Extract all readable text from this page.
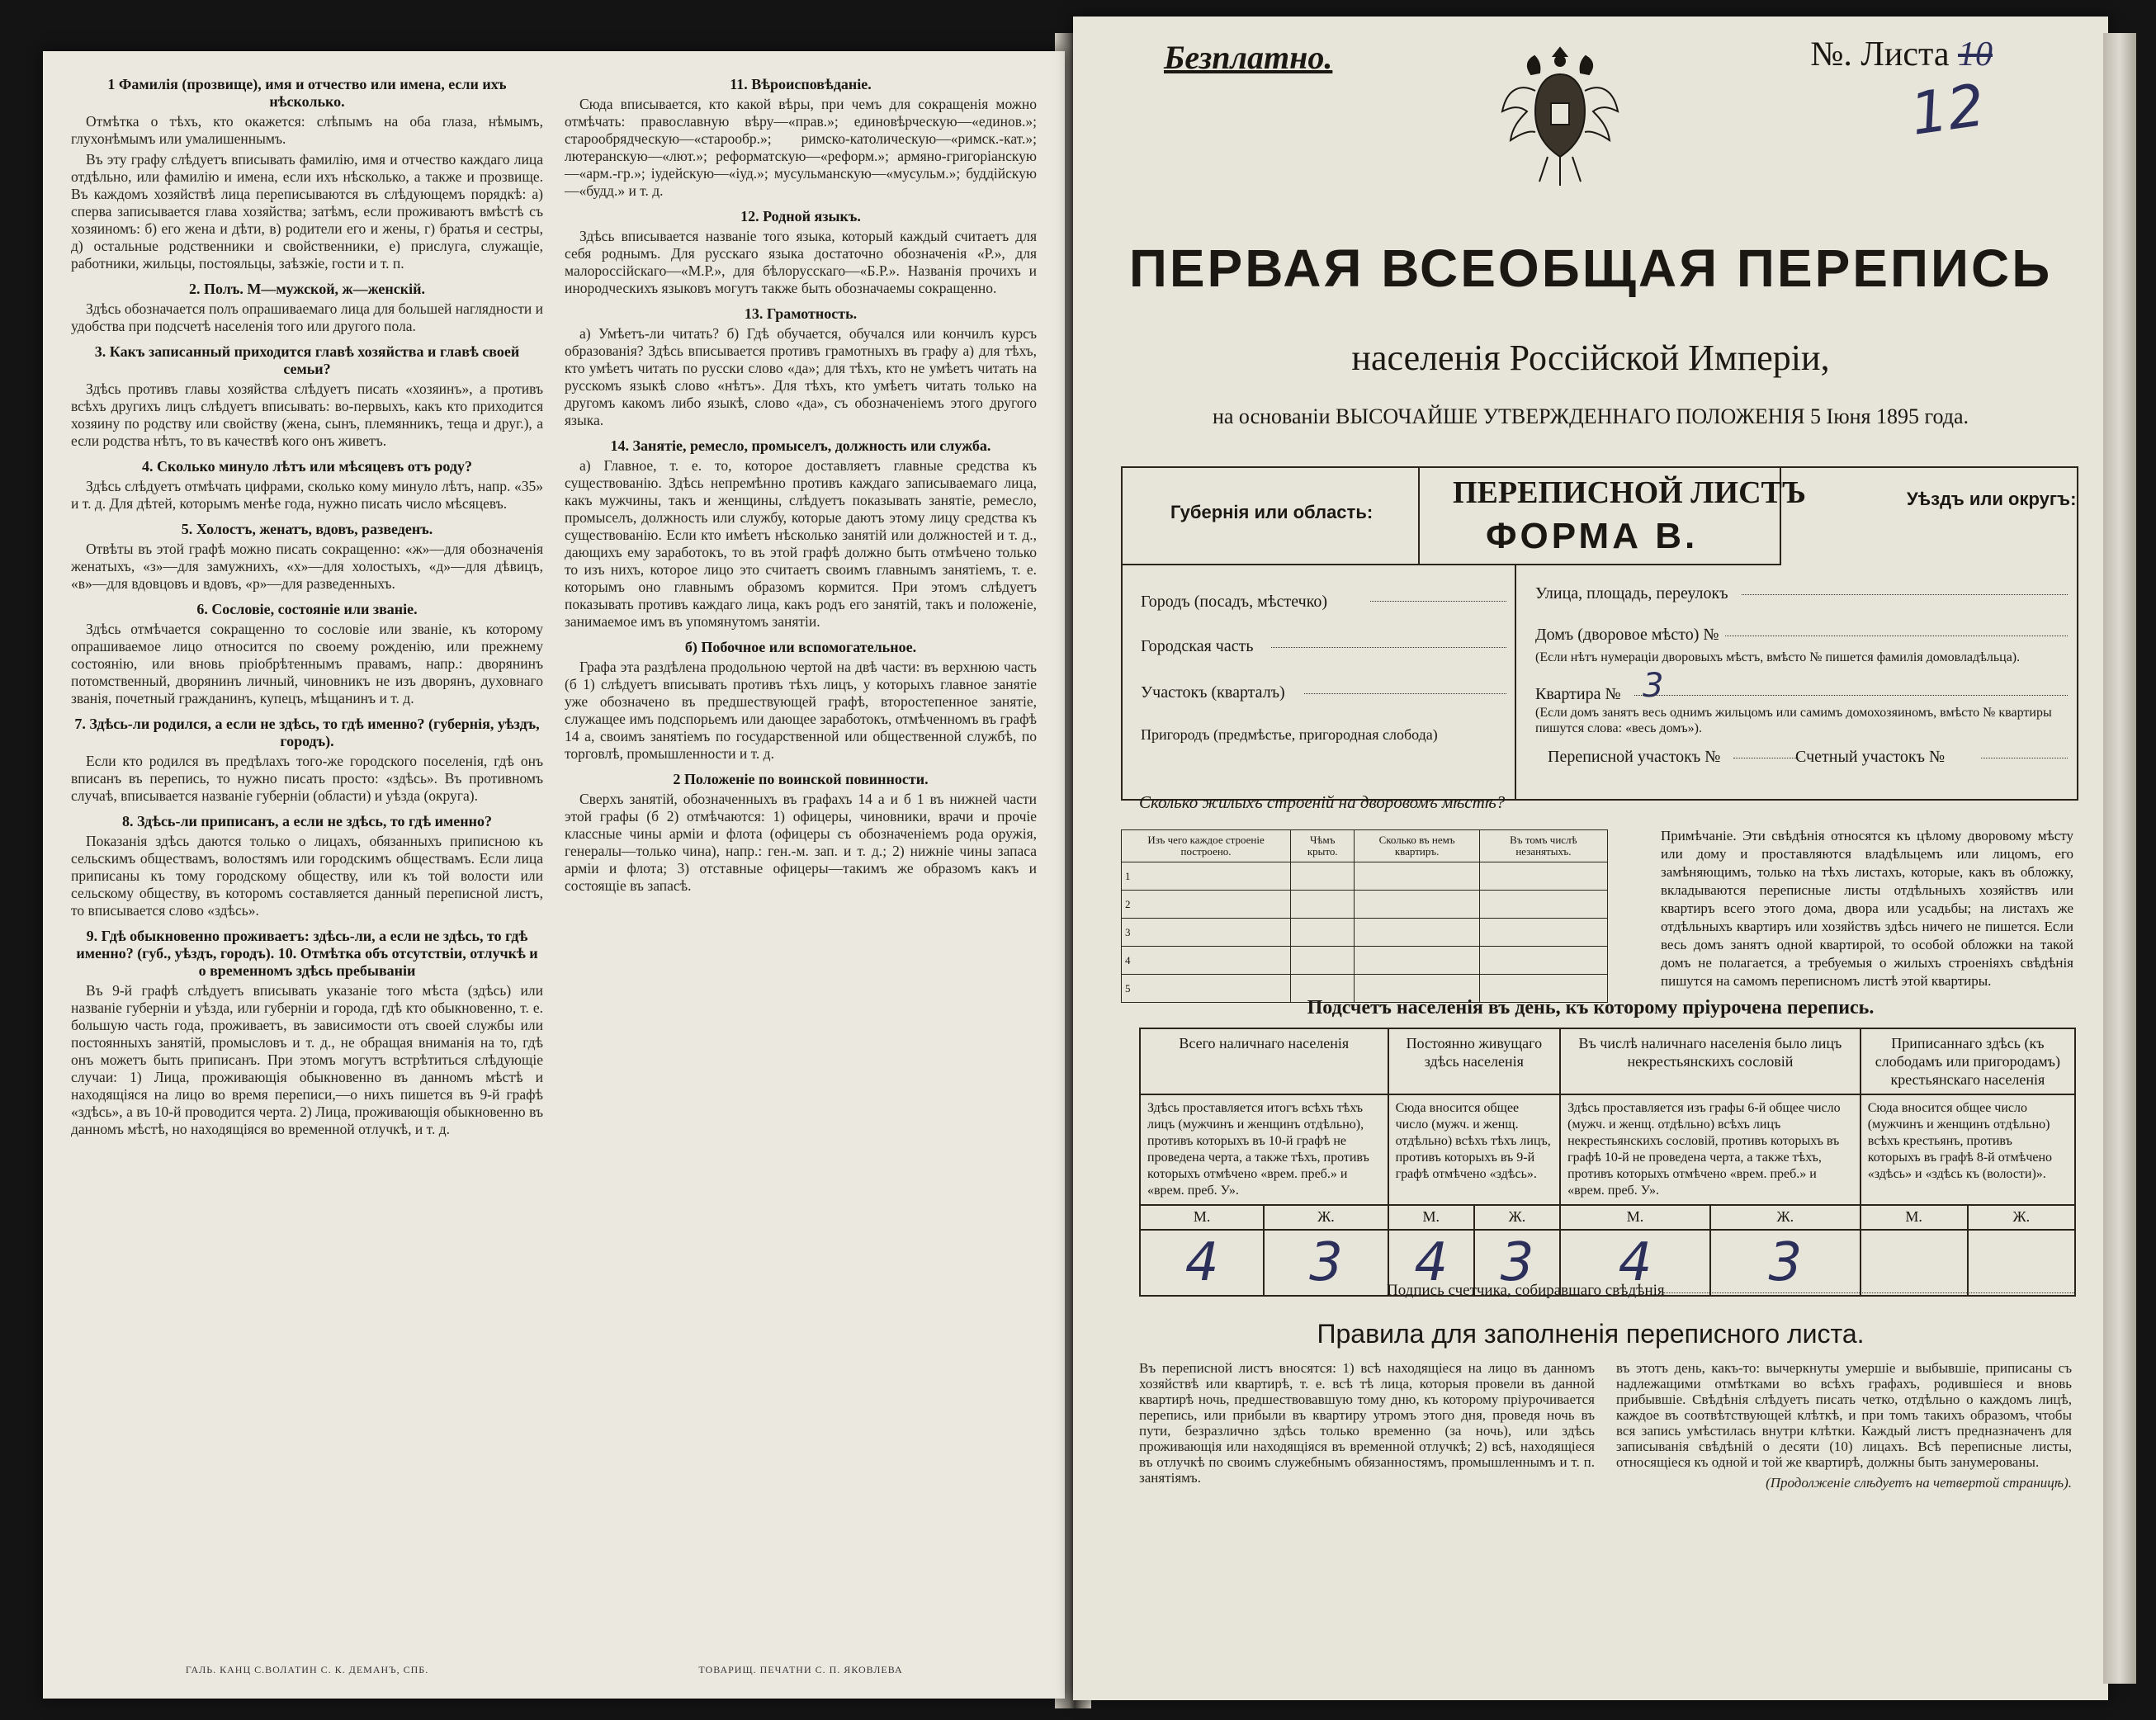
1 Фамилія (прозвище), имя и отчество или имена, если ихъ нѣсколько.
Отмѣтка о тѣхъ, кто окажется: слѣпымъ на оба глаза, нѣмымъ, глухонѣмымъ или умалишеннымъ.
Въ эту графу слѣдуетъ вписывать фамилію, имя и отчество каждаго лица отдѣльно, или фамилію и имена, если ихъ нѣсколько, а также и прозвище. Въ каждомъ хозяйствѣ лица переписываются въ слѣдующемъ порядкѣ: а) сперва записывается глава хозяйства; затѣмъ, если проживаютъ вмѣстѣ съ хозяиномъ: б) его жена и дѣти, в) родители его и жены, г) братья и сестры, д) остальные родственники и свойственники, е) прислуга, служащіе, работники, жильцы, постояльцы, заѣзжіе, гости и т. п.
2. Полъ. М—мужской, ж—женскій.
Здѣсь обозначается полъ опрашиваемаго лица для большей наглядности и удобства при подсчетѣ населенія того или другого пола.
3. Какъ записанный приходится главѣ хозяйства и главѣ своей семьи?
Здѣсь противъ главы хозяйства слѣдуетъ писать «хозяинъ», а противъ всѣхъ другихъ лицъ слѣдуетъ вписывать: во-первыхъ, какъ кто приходится хозяину по родству или свойству (жена, сынъ, племянникъ, теща и друг.), а если родства нѣтъ, то въ качествѣ кого онъ живетъ.
4. Сколько минуло лѣтъ или мѣсяцевъ отъ роду?
Здѣсь слѣдуетъ отмѣчать цифрами, сколько кому минуло лѣтъ, напр. «35» и т. д. Для дѣтей, которымъ менѣе года, нужно писать число мѣсяцевъ.
5. Холостъ, женатъ, вдовъ, разведенъ.
Отвѣты въ этой графѣ можно писать сокращенно: «ж»—для обозначенія женатыхъ, «з»—для замужнихъ, «х»—для холостыхъ, «д»—для дѣвицъ, «в»—для вдовцовъ и вдовъ, «р»—для разведенныхъ.
6. Сословіе, состояніе или званіе.
Здѣсь отмѣчается сокращенно то сословіе или званіе, къ которому опрашиваемое лицо относится по своему рожденію, или прежнему состоянію, или вновь пріобрѣтеннымъ правамъ, напр.: дворянинъ потомственный, дворянинъ личный, чиновникъ не изъ дворянъ, духовнаго званія, почетный гражданинъ, купецъ, мѣщанинъ и т. д.
7. Здѣсь-ли родился, а если не здѣсь, то гдѣ именно? (губернія, уѣздъ, городъ).
Если кто родился въ предѣлахъ того-же городского поселенія, гдѣ онъ вписанъ въ перепись, то нужно писать просто: «здѣсь». Въ противномъ случаѣ, вписывается названіе губерніи (области) и уѣзда (округа).
8. Здѣсь-ли приписанъ, а если не здѣсь, то гдѣ именно?
Показанія здѣсь даются только о лицахъ, обязанныхъ приписною къ сельскимъ обществамъ, волостямъ или городскимъ обществамъ. Если лица приписаны къ тому городскому обществу, или къ той волости или сельскому обществу, въ которомъ составляется данный переписной листъ, то вписывается слово «здѣсь».
9. Гдѣ обыкновенно проживаетъ: здѣсь-ли, а если не здѣсь, то гдѣ именно? (губ., уѣздъ, городъ). 10. Отмѣтка объ отсутствіи, отлучкѣ и о временномъ здѣсь пребываніи
Въ 9-й графѣ слѣдуетъ вписывать указаніе того мѣста (здѣсь) или названіе губерніи и уѣзда, или губерніи и города, гдѣ кто обыкновенно, т. е. большую часть года, проживаетъ, въ зависимости отъ своей службы или постоянныхъ занятій, промысловъ и т. д., не обращая вниманія на то, гдѣ онъ можетъ быть приписанъ. При этомъ могутъ встрѣтиться слѣдующіе случаи: 1) Лица, проживающія обыкновенно въ данномъ мѣстѣ и находящіяся на лицо во время переписи,—о нихъ пишется въ 9-й графѣ «здѣсь», а въ 10-й проводится черта. 2) Лица, проживающія обыкновенно въ данномъ мѣстѣ, но находящіяся во временной отлучкѣ, и т. д.
ГАЛЬ. КАНЦ С.ВОЛАТИН С. К. ДЕМАНЪ, СПБ.
11. Вѣроисповѣданіе.
Сюда вписывается, кто какой вѣры, при чемъ для сокращенія можно отмѣчать: православную вѣру—«прав.»; единовѣрческую—«единов.»; старообрядческую—«старообр.»; римско-католическую—«римск.-кат.»; лютеранскую—«лют.»; реформатскую—«реформ.»; армяно-григоріанскую—«арм.-гр.»; іудейскую—«іуд.»; мусульманскую—«мусульм.»; буддійскую—«будд.» и т. д.
12. Родной языкъ.
Здѣсь вписывается названіе того языка, который каждый считаетъ для себя роднымъ. Для русскаго языка достаточно обозначенія «Р.», для малороссійскаго—«М.Р.», для бѣлорусскаго—«Б.Р.». Названія прочихъ и инородческихъ языковъ могутъ также быть обозначаемы сокращенно.
13. Грамотность.
а) Умѣетъ-ли читать? б) Гдѣ обучается, обучался или кончилъ курсъ образованія? Здѣсь вписывается противъ грамотныхъ въ графу а) для тѣхъ, кто умѣетъ читать по русски слово «да»; для тѣхъ, кто не умѣетъ читать на русскомъ языкѣ слово «нѣтъ». Для тѣхъ, кто умѣетъ читать только на другомъ какомъ либо языкѣ, слово «да», съ обозначеніемъ этого другого языка.
14. Занятіе, ремесло, промыселъ, должность или служба.
а) Главное, т. е. то, которое доставляетъ главные средства къ существованію. Здѣсь непремѣнно противъ каждаго записываемаго лица, какъ мужчины, такъ и женщины, слѣдуетъ показывать занятіе, ремесло, промыселъ, должность или службу, которые даютъ этому лицу средства къ существованію. Если кто имѣетъ нѣсколько занятій или должностей и т. д., дающихъ ему заработокъ, то въ этой графѣ должно быть отмѣчено только то изъ нихъ, которое лицо это считаетъ своимъ главнымъ занятіемъ, т. е. которымъ оно главнымъ образомъ кормится. При этомъ слѣдуетъ показывать противъ каждаго лица, какъ родъ его занятій, такъ и положеніе, занимаемое имъ въ упомянутомъ занятіи.
б) Побочное или вспомогательное.
Графа эта раздѣлена продольною чертой на двѣ части: въ верхнюю часть (б 1) слѣдуетъ вписывать противъ тѣхъ лицъ, у которыхъ главное занятіе уже обозначено въ предшествующей графѣ, второстепенное занятіе, служащее имъ подспорьемъ или дающее заработокъ, отмѣченномъ въ графѣ 14 а, своимъ занятіемъ по государственной или общественной службѣ, по торговлѣ, промышленности и т. д.
2 Положеніе по воинской повинности.
Сверхъ занятій, обозначенныхъ въ графахъ 14 а и б 1 въ нижней части этой графы (б 2) отмѣчаются: 1) офицеры, чиновники, врачи и прочіе классные чины арміи и флота (офицеры съ обозначеніемъ рода оружія, генералы—только чина), напр.: ген.-м. зап. и т. д.; 2) нижніе чины запаса арміи и флота; 3) отставные офицеры—такимъ же образомъ какъ и состоящіе въ запасѣ.
ТОВАРИЩ. ПЕЧАТНИ С. П. ЯКОВЛЕВА
Безплатно.	№. Листа 10
12
ПЕРВАЯ ВСЕОБЩАЯ ПЕРЕПИСЬ
населенія Россійской Имперіи,
на основаніи ВЫСОЧАЙШЕ УТВЕРЖДЕННАГО ПОЛОЖЕНІЯ 5 Іюня 1895 года.
Губернія или область:
ПЕРЕПИСНОЙ ЛИСТЪ
ФОРМА В.
Уѣздъ или округъ:
Городъ (посадъ, мѣстечко)
Городская часть
Участокъ (кварталъ)
Пригородъ (предмѣстье, пригородная слобода)
Улица, площадь, переулокъ
Домъ (дворовое мѣсто) №
(Если нѣтъ нумераціи дворовыхъ мѣстъ, вмѣсто № пишется фамилія домовладѣльца).
Квартира № 3
(Если домъ занятъ весь однимъ жильцомъ или самимъ домохозяиномъ, вмѣсто № квартиры пишутся слова: «весь домъ»).
Переписной участокъ №	Счетный участокъ №
Сколько жилыхъ строеній на дворовомъ мѣстѣ?
Изъ чего каждое строеніе построено.	Чѣмъ крыто.	Сколько въ немъ квартиръ.	Въ томъ числѣ незанятыхъ.
1			
2			
3			
4			
5			
Примѣчаніе. Эти свѣдѣнія относятся къ цѣлому дворовому мѣсту или дому и проставляются владѣльцемъ или лицомъ, его замѣняющимъ, только на тѣхъ листахъ, которые, какъ въ обложку, вкладываются переписные листы отдѣльныхъ хозяйствъ или квартиръ всего этого дома, двора или усадьбы; на листахъ же отдѣльныхъ квартиръ или хозяйствъ здѣсь ничего не пишется. Если весь домъ занятъ одной квартирой, то особой обложки на такой домъ не полагается, а требуемыя о жилыхъ строеніяхъ свѣдѣнія пишутся на самомъ переписномъ листѣ этой квартиры.
Подсчетъ населенія въ день, къ которому пріурочена перепись.
Всего наличнаго населенія		Постоянно живущаго здѣсь населенія		Въ числѣ наличнаго населенія было лицъ некрестьянскихъ сословій		Приписаннаго здѣсь (къ слободамъ или пригородамъ) крестьянскаго населенія	
Здѣсь проставляется итогъ всѣхъ тѣхъ лицъ (мужчинъ и женщинъ отдѣльно), противъ которыхъ въ 10-й графѣ не проведена черта, а также тѣхъ, противъ которыхъ отмѣчено «врем. преб.» и «врем. преб. У».		Сюда вносится общее число (мужч. и женщ. отдѣльно) всѣхъ тѣхъ лицъ, противъ которыхъ въ 9-й графѣ отмѣчено «здѣсь».		Здѣсь проставляется изъ графы 6-й общее число (мужч. и женщ. отдѣльно) всѣхъ лицъ некрестьянскихъ сословій, противъ которыхъ въ графѣ 10-й не проведена черта, а также тѣхъ, противъ которыхъ отмѣчено «врем. преб.» и «врем. преб. У».		Сюда вносится общее число (мужчинъ и женщинъ отдѣльно) всѣхъ крестьянъ, противъ которыхъ въ графѣ 8-й отмѣчено «здѣсь» и «здѣсь къ (волости)».	
М.	Ж.	М.	Ж.	М.	Ж.	М.	Ж.
4	3	4	3	4	3		
Подпись счетчика, собиравшаго свѣдѣнія
Правила для заполненія переписного листа.
Въ переписной листъ вносятся: 1) всѣ находящіеся на лицо въ данномъ хозяйствѣ или квартирѣ, т. е. всѣ тѣ лица, которыя провели въ данной квартирѣ ночь, предшествовавшую тому дню, къ которому пріурочивается перепись, или прибыли въ квартиру утромъ этого дня, проведя ночь въ пути, безразлично здѣсь только временно (за ночь), или здѣсь проживающія или находящіяся въ временной отлучкѣ; 2) всѣ, находящіеся въ отлучкѣ по своимъ служебнымъ обязанностямъ, промышленнымъ и т. п. занятіямъ.
въ этотъ день, какъ-то: вычеркнуты умершіе и выбывшіе, приписаны съ надлежащими отмѣтками во всѣхъ графахъ, родившіеся и вновь прибывшіе. Свѣдѣнія слѣдуетъ писать четко, отдѣльно о каждомъ лицѣ, каждое въ соотвѣтствующей клѣткѣ, и при томъ такихъ образомъ, чтобы вся запись умѣстилась внутри клѣтки. Каждый листъ предназначенъ для записыванія свѣдѣній о десяти (10) лицахъ. Всѣ переписные листы, относящіеся къ одной и той же квартирѣ, должны быть занумерованы.
(Продолженіе слѣдуетъ на четвертой страницѣ).
